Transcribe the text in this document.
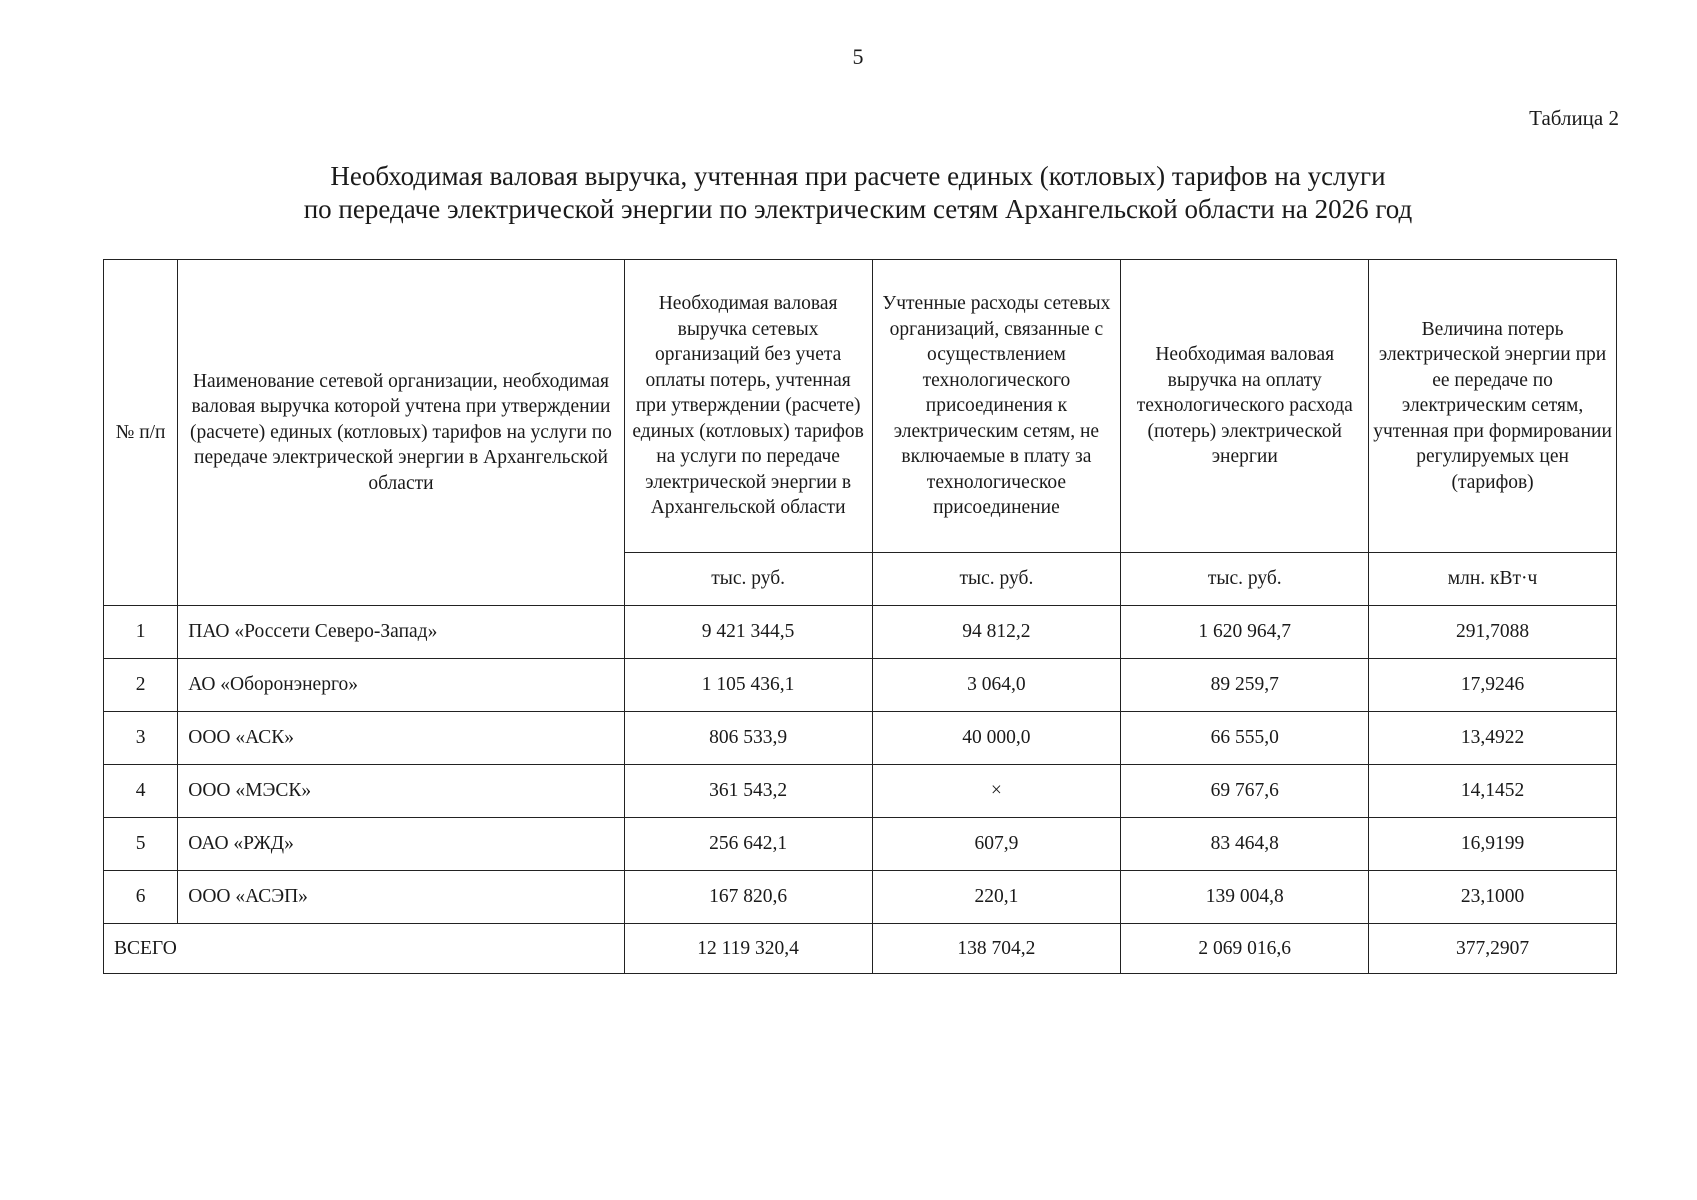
5
Таблица 2
Необходимая валовая выручка, учтенная при расчете единых (котловых) тарифов на услуги
по передаче электрической энергии по электрическим сетям Архангельской области на 2026 год
№ п/п	Наименование сетевой организации, необходимая валовая выручка которой учтена при утверждении (расчете) единых (котловых) тарифов на услуги по передаче электрической энергии в Архангельской области	Необходимая валовая выручка сетевых организаций без учета оплаты потерь, учтенная при утверждении (расчете) единых (котловых) тарифов на услуги по передаче электрической энергии в Архангельской области	Учтенные расходы сетевых организаций, связанные с осуществлением технологического присоединения к электрическим сетям, не включаемые в плату за технологическое присоединение	Необходимая валовая выручка на оплату технологического расхода (потерь) электрической энергии	Величина потерь электрической энергии при ее передаче по электрическим сетям, учтенная при формировании регулируемых цен (тарифов)
		тыс. руб.	тыс. руб.	тыс. руб.	млн. кВт·ч
1	ПАО «Россети Северо-Запад»	9 421 344,5	94 812,2	1 620 964,7	291,7088
2	АО «Оборонэнерго»	1 105 436,1	3 064,0	89 259,7	17,9246
3	ООО «АСК»	806 533,9	40 000,0	66 555,0	13,4922
4	ООО «МЭСК»	361 543,2	×	69 767,6	14,1452
5	ОАО «РЖД»	256 642,1	607,9	83 464,8	16,9199
6	ООО «АСЭП»	167 820,6	220,1	139 004,8	23,1000
ВСЕГО		12 119 320,4	138 704,2	2 069 016,6	377,2907
